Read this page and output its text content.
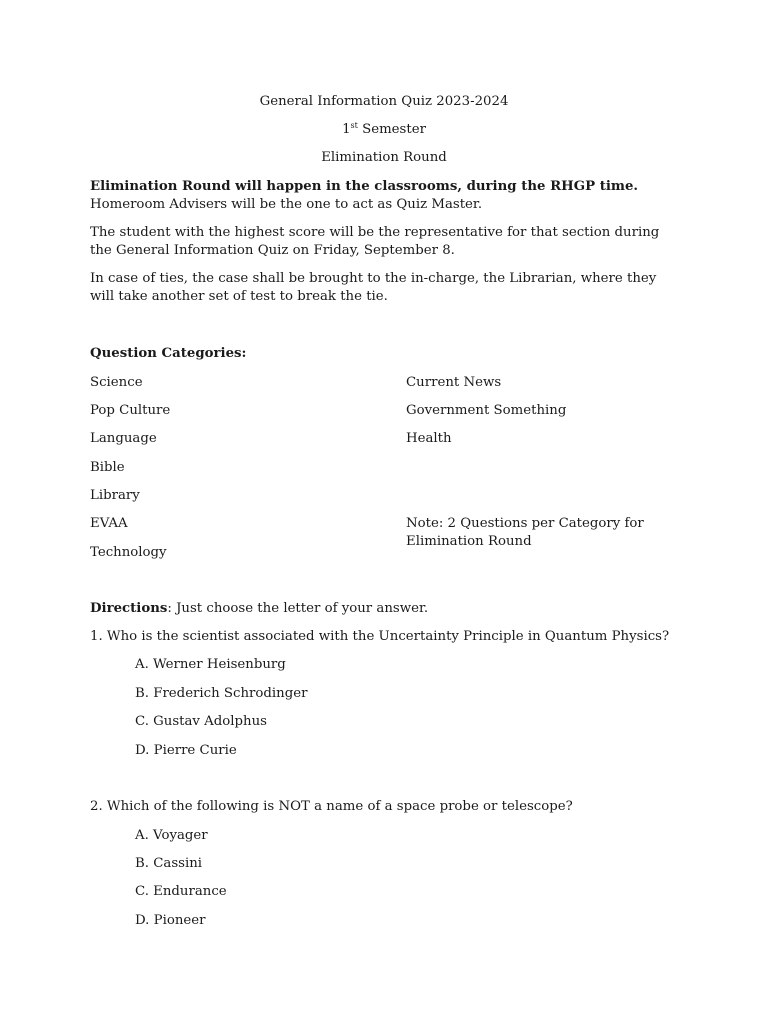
General Information Quiz 2023-2024
1st Semester
Elimination Round
Elimination Round will happen in the classrooms, during the RHGP time. Homeroom Advisers will be the one to act as Quiz Master.
The student with the highest score will be the representative for that section during the General Information Quiz on Friday, September 8.
In case of ties, the case shall be brought to the in-charge, the Librarian, where they will take another set of test to break the tie.
Question Categories:
Science
Pop Culture
Language
Bible
Library
EVAA
Technology
Current News
Government Something
Health
Note: 2 Questions per Category for Elimination Round
Directions: Just choose the letter of your answer.
1. Who is the scientist associated with the Uncertainty Principle in Quantum Physics?
A. Werner Heisenburg
B. Frederich Schrodinger
C. Gustav Adolphus
D. Pierre Curie
2. Which of the following is NOT a name of a space probe or telescope?
A. Voyager
B. Cassini
C. Endurance
D. Pioneer
